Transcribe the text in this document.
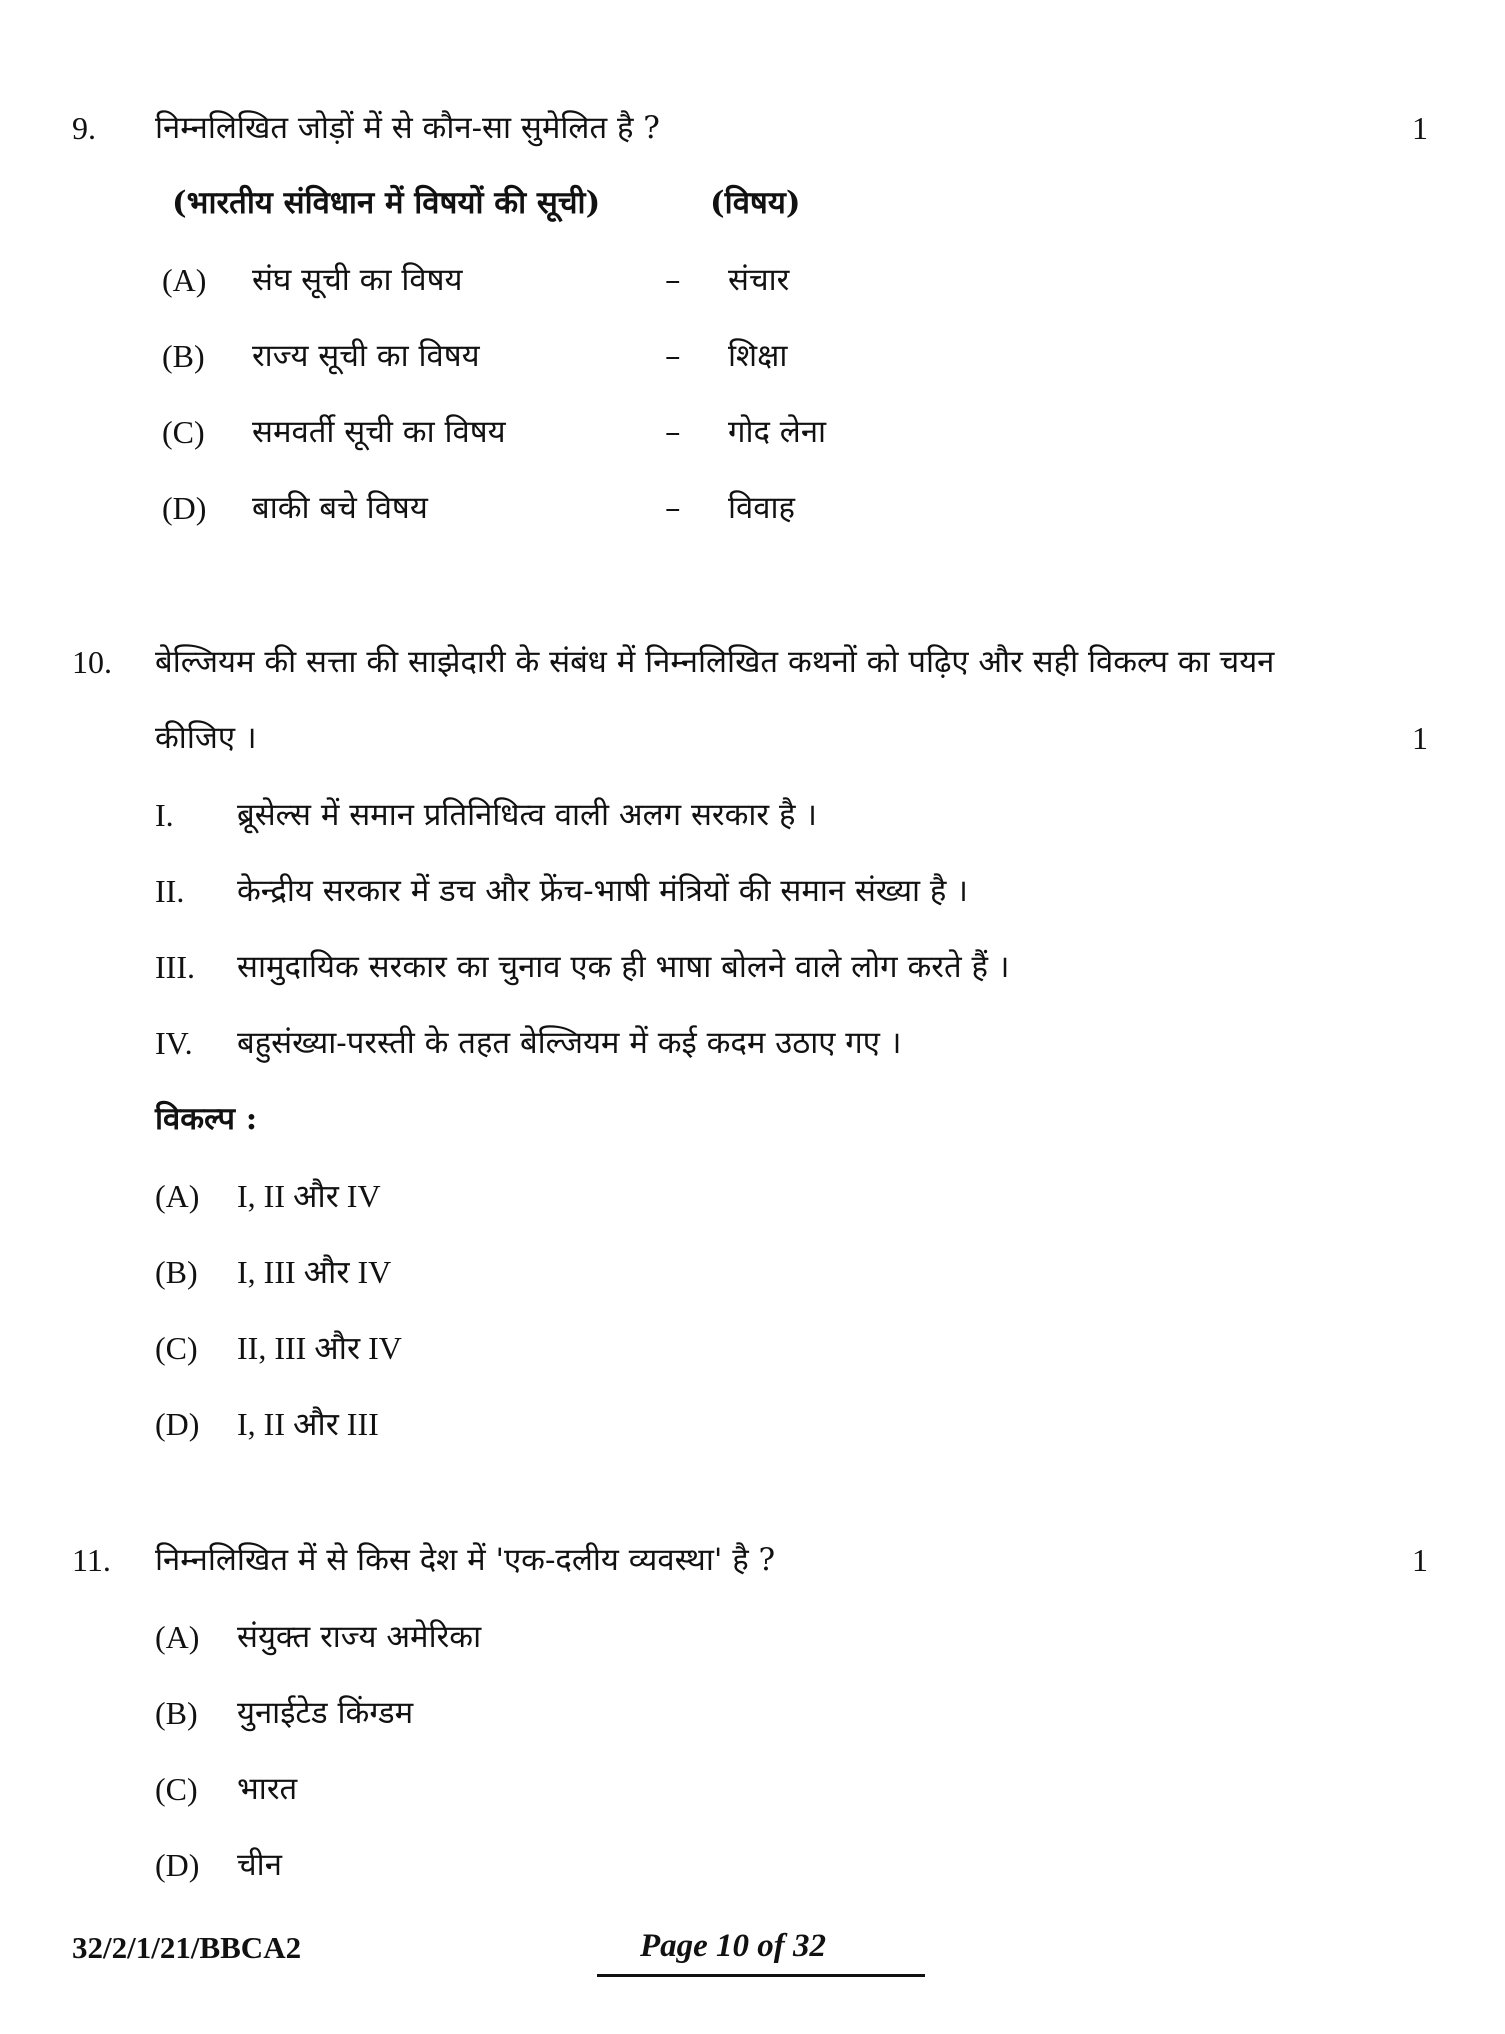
9. निम्नलिखित जोड़ों में से कौन-सा सुमेलित है ?	1
(भारतीय संविधान में विषयों की सूची)	(विषय)
(A) संघ सूची का विषय	– संचार
(B) राज्य सूची का विषय	– शिक्षा
(C) समवर्ती सूची का विषय	– गोद लेना
(D) बाकी बचे विषय	– विवाह
10. बेल्जियम की सत्ता की साझेदारी के संबंध में निम्नलिखित कथनों को पढ़िए और सही विकल्प का चयन
कीजिए ।	1
I. ब्रूसेल्स में समान प्रतिनिधित्व वाली अलग सरकार है ।
II. केन्द्रीय सरकार में डच और फ्रेंच-भाषी मंत्रियों की समान संख्या है ।
III. सामुदायिक सरकार का चुनाव एक ही भाषा बोलने वाले लोग करते हैं ।
IV. बहुसंख्या-परस्ती के तहत बेल्जियम में कई कदम उठाए गए ।
विकल्प :
(A) I, II और IV
(B) I, III और IV
(C) II, III और IV
(D) I, II और III
11. निम्नलिखित में से किस देश में 'एक-दलीय व्यवस्था' है ?	1
(A) संयुक्त राज्य अमेरिका
(B) युनाईटेड किंग्डम
(C) भारत
(D) चीन
32/2/1/21/BBCA2	Page 10 of 32
